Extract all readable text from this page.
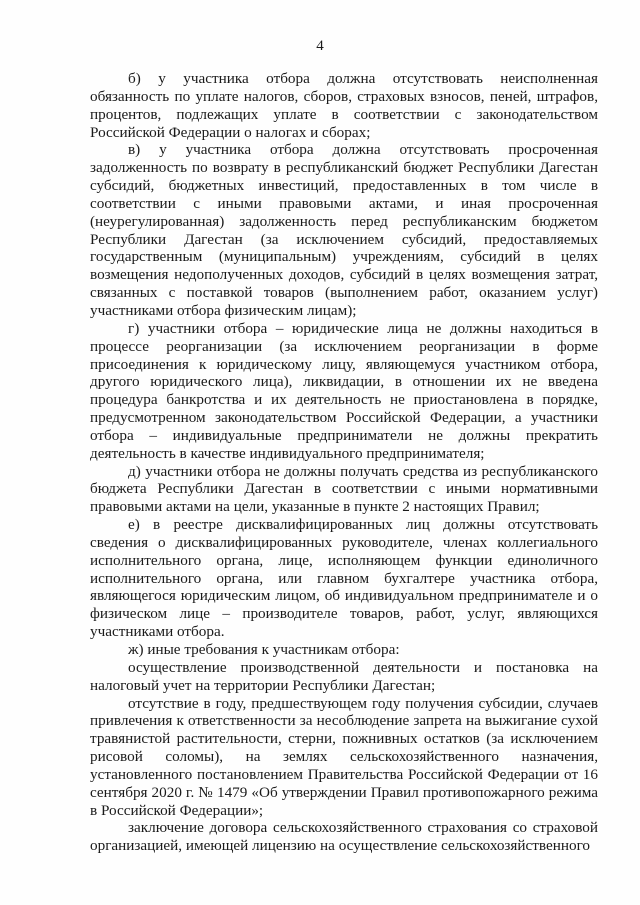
4

б) у участника отбора должна отсутствовать неисполненная обязанность по уплате налогов, сборов, страховых взносов, пеней, штрафов, процентов, подлежащих уплате в соответствии с законодательством Российской Федерации о налогах и сборах;

в) у участника отбора должна отсутствовать просроченная задолженность по возврату в республиканский бюджет Республики Дагестан субсидий, бюджетных инвестиций, предоставленных в том числе в соответствии с иными правовыми актами, и иная просроченная (неурегулированная) задолженность перед республиканским бюджетом Республики Дагестан (за исключением субсидий, предоставляемых государственным (муниципальным) учреждениям, субсидий в целях возмещения недополученных доходов, субсидий в целях возмещения затрат, связанных с поставкой товаров (выполнением работ, оказанием услуг) участниками отбора физическим лицам);

г) участники отбора – юридические лица не должны находиться в процессе реорганизации (за исключением реорганизации в форме присоединения к юридическому лицу, являющемуся участником отбора, другого юридического лица), ликвидации, в отношении их не введена процедура банкротства и их деятельность не приостановлена в порядке, предусмотренном законодательством Российской Федерации, а участники отбора – индивидуальные предприниматели не должны прекратить деятельность в качестве индивидуального предпринимателя;

д) участники отбора не должны получать средства из республиканского бюджета Республики Дагестан в соответствии с иными нормативными правовыми актами на цели, указанные в пункте 2 настоящих Правил;

е) в реестре дисквалифицированных лиц должны отсутствовать сведения о дисквалифицированных руководителе, членах коллегиального исполнительного органа, лице, исполняющем функции единоличного исполнительного органа, или главном бухгалтере участника отбора, являющегося юридическим лицом, об индивидуальном предпринимателе и о физическом лице – производителе товаров, работ, услуг, являющихся участниками отбора.

ж) иные требования к участникам отбора:

осуществление производственной деятельности и постановка на налоговый учет на территории Республики Дагестан;

отсутствие в году, предшествующем году получения субсидии, случаев привлечения к ответственности за несоблюдение запрета на выжигание сухой травянистой растительности, стерни, пожнивных остатков (за исключением рисовой соломы), на землях сельскохозяйственного назначения, установленного постановлением Правительства Российской Федерации от 16 сентября 2020 г. № 1479 «Об утверждении Правил противопожарного режима в Российской Федерации»;

заключение договора сельскохозяйственного страхования со страховой организацией, имеющей лицензию на осуществление сельскохозяйственного
